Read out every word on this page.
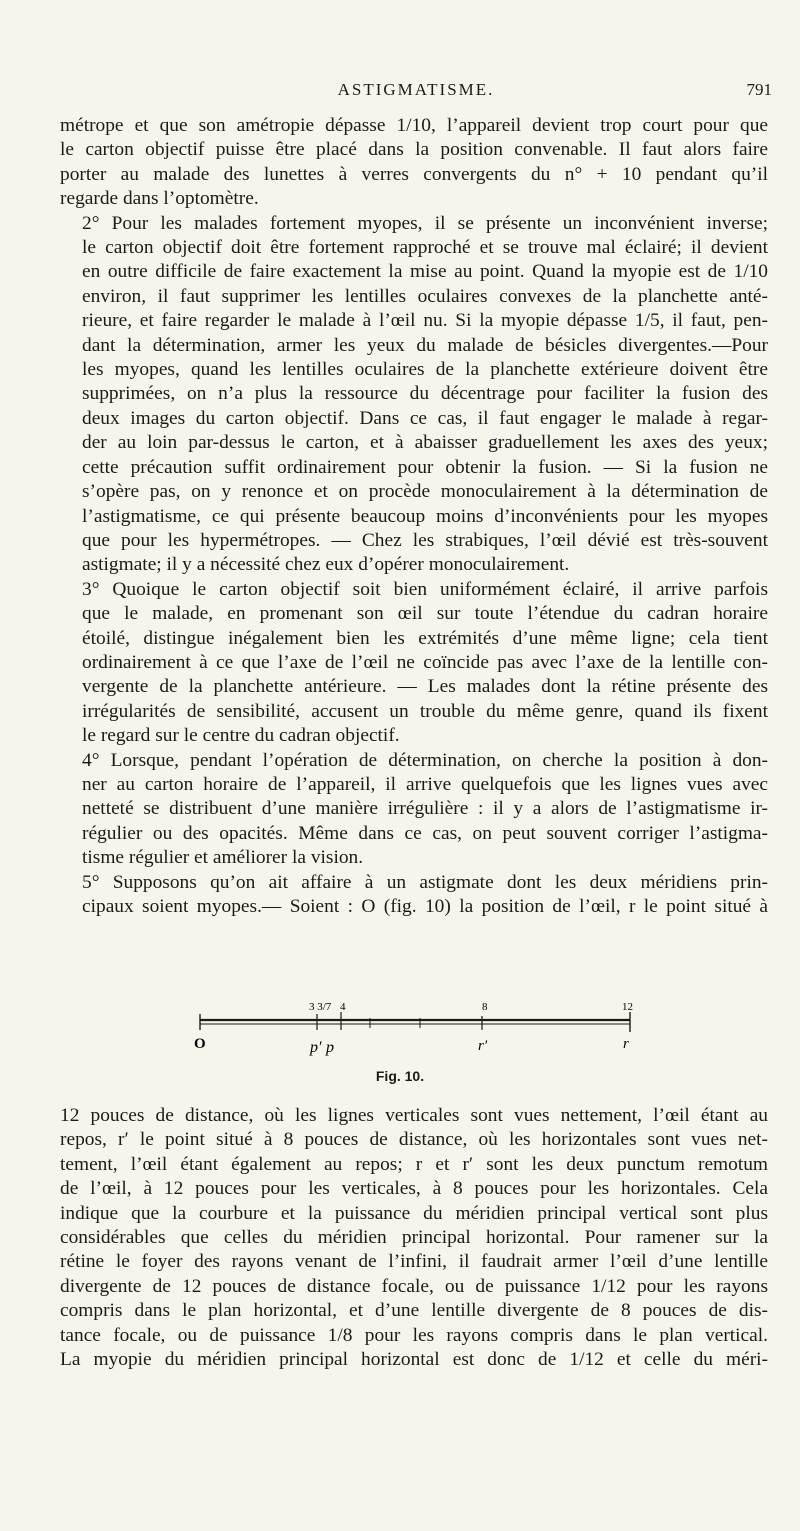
ASTIGMATISME.	791

métrope et que son amétropie dépasse 1/10, l’appareil devient trop court pour que
le carton objectif puisse être placé dans la position convenable. Il faut alors faire
porter au malade des lunettes à verres convergents du n° + 10 pendant qu’il
regarde dans l’optomètre.

2° Pour les malades fortement myopes, il se présente un inconvénient inverse;
le carton objectif doit être fortement rapproché et se trouve mal éclairé; il devient
en outre difficile de faire exactement la mise au point. Quand la myopie est de 1/10
environ, il faut supprimer les lentilles oculaires convexes de la planchette anté-
rieure, et faire regarder le malade à l’œil nu. Si la myopie dépasse 1/5, il faut, pen-
dant la détermination, armer les yeux du malade de bésicles divergentes.—Pour
les myopes, quand les lentilles oculaires de la planchette extérieure doivent être
supprimées, on n’a plus la ressource du décentrage pour faciliter la fusion des
deux images du carton objectif. Dans ce cas, il faut engager le malade à regar-
der au loin par-dessus le carton, et à abaisser graduellement les axes des yeux;
cette précaution suffit ordinairement pour obtenir la fusion. — Si la fusion ne
s’opère pas, on y renonce et on procède monoculairement à la détermination de
l’astigmatisme, ce qui présente beaucoup moins d’inconvénients pour les myopes
que pour les hypermétropes. — Chez les strabiques, l’œil dévié est très-souvent
astigmate; il y a nécessité chez eux d’opérer monoculairement.

3° Quoique le carton objectif soit bien uniformément éclairé, il arrive parfois
que le malade, en promenant son œil sur toute l’étendue du cadran horaire
étoilé, distingue inégalement bien les extrémités d’une même ligne; cela tient
ordinairement à ce que l’axe de l’œil ne coïncide pas avec l’axe de la lentille con-
vergente de la planchette antérieure. — Les malades dont la rétine présente des
irrégularités de sensibilité, accusent un trouble du même genre, quand ils fixent
le regard sur le centre du cadran objectif.

4° Lorsque, pendant l’opération de détermination, on cherche la position à don-
ner au carton horaire de l’appareil, il arrive quelquefois que les lignes vues avec
netteté se distribuent d’une manière irrégulière : il y a alors de l’astigmatisme ir-
régulier ou des opacités. Même dans ce cas, on peut souvent corriger l’astigma-
tisme régulier et améliorer la vision.

5° Supposons qu’on ait affaire à un astigmate dont les deux méridiens prin-
cipaux soient myopes.— Soient : O (fig. 10) la position de l’œil, r le point situé à

3 3/7 4	8	12
O	p′ p	r′	r
Fig. 10.

12 pouces de distance, où les lignes verticales sont vues nettement, l’œil étant au
repos, r′ le point situé à 8 pouces de distance, où les horizontales sont vues net-
tement, l’œil étant également au repos; r et r′ sont les deux punctum remotum
de l’œil, à 12 pouces pour les verticales, à 8 pouces pour les horizontales. Cela
indique que la courbure et la puissance du méridien principal vertical sont plus
considérables que celles du méridien principal horizontal. Pour ramener sur la
rétine le foyer des rayons venant de l’infini, il faudrait armer l’œil d’une lentille
divergente de 12 pouces de distance focale, ou de puissance 1/12 pour les rayons
compris dans le plan horizontal, et d’une lentille divergente de 8 pouces de dis-
tance focale, ou de puissance 1/8 pour les rayons compris dans le plan vertical.
La myopie du méridien principal horizontal est donc de 1/12 et celle du méri-
